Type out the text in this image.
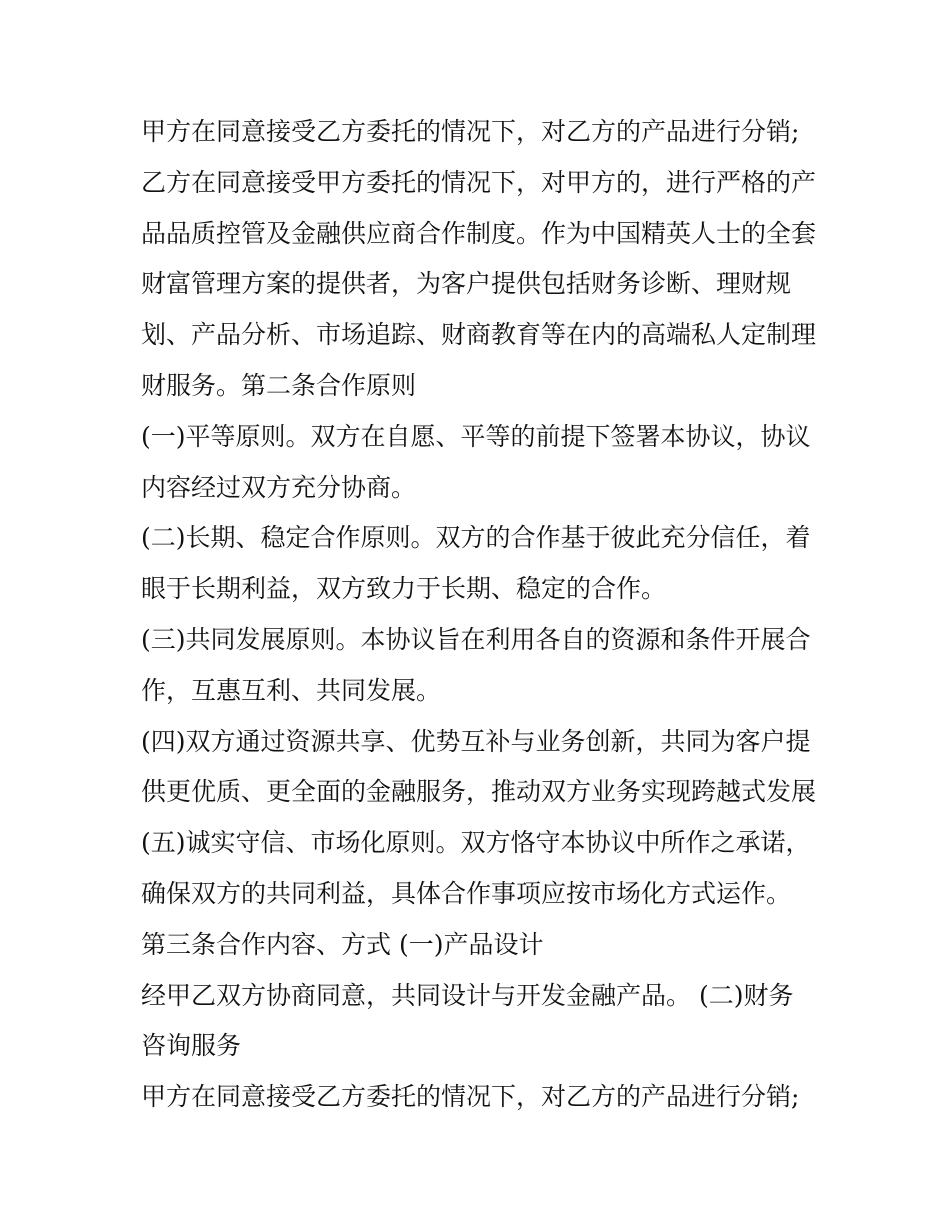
甲方在同意接受乙方委托的情况下，对乙方的产品进行分销;
乙方在同意接受甲方委托的情况下，对甲方的，进行严格的产
品品质控管及金融供应商合作制度。作为中国精英人士的全套
财富管理方案的提供者，为客户提供包括财务诊断、理财规
划、产品分析、市场追踪、财商教育等在内的高端私人定制理
财服务。第二条合作原则
(一)平等原则。双方在自愿、平等的前提下签署本协议，协议
内容经过双方充分协商。
(二)长期、稳定合作原则。双方的合作基于彼此充分信任，着
眼于长期利益，双方致力于长期、稳定的合作。
(三)共同发展原则。本协议旨在利用各自的资源和条件开展合
作，互惠互利、共同发展。
(四)双方通过资源共享、优势互补与业务创新，共同为客户提
供更优质、更全面的金融服务，推动双方业务实现跨越式发展
(五)诚实守信、市场化原则。双方恪守本协议中所作之承诺，
确保双方的共同利益，具体合作事项应按市场化方式运作。
第三条合作内容、方式 (一)产品设计
经甲乙双方协商同意，共同设计与开发金融产品。 (二)财务
咨询服务
甲方在同意接受乙方委托的情况下，对乙方的产品进行分销;
